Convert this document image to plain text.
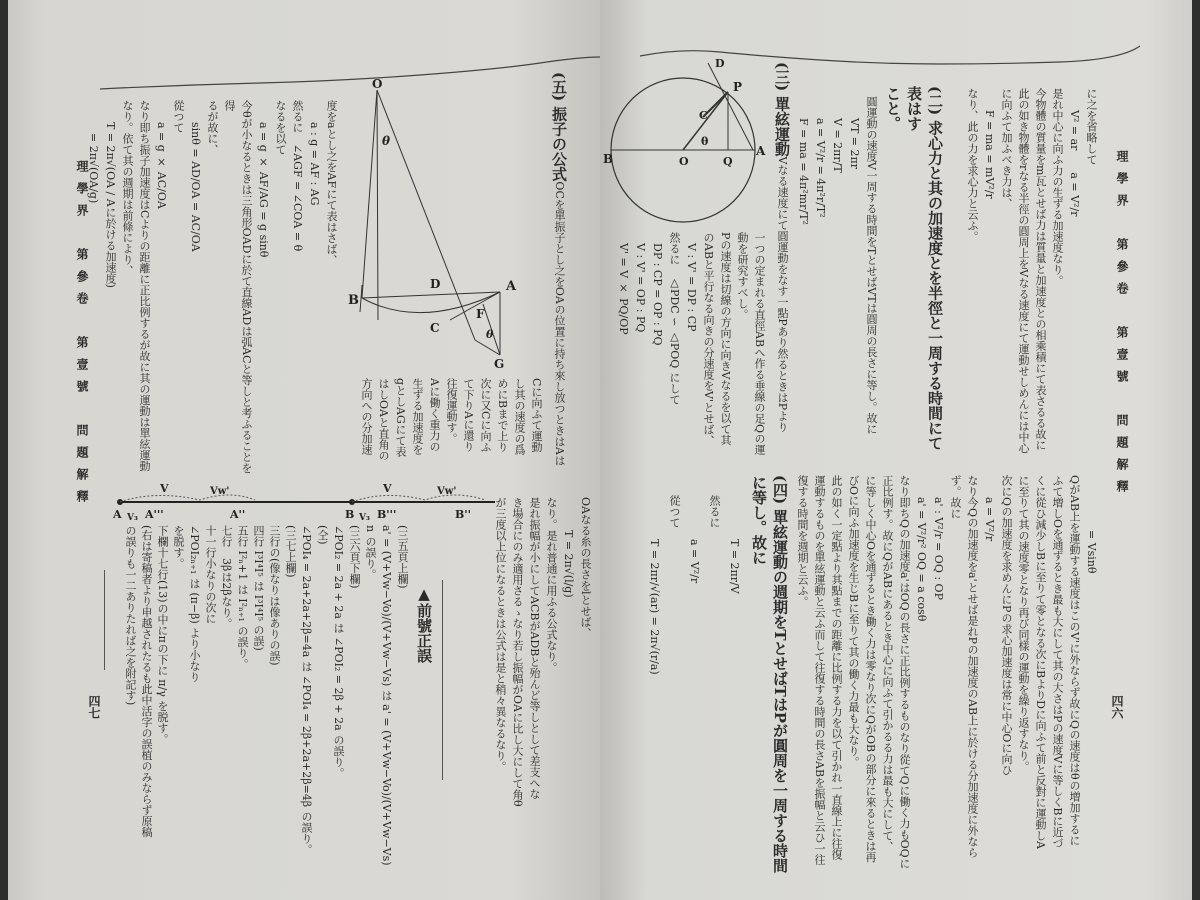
理學界　第參卷　第壹號　問題解釋
四六
に之を省略して
　　V² = ar　　a = V²/r
是れ中心に向ふ力の生ずる加速度なり。
今物體の質量をm瓦とせば力は質量と加速度との相乘積にて表さるる故に
此の如き物體をrなる半徑の圓周上をVなる速度にて運動せしめんには中心
に向ふて加ふべき力は、
　　F = ma = mV²/r
なり、此の力を求心力と云ふ。
(二) 求心力と其の加速度とを半徑と一周する時間にて表はす
こと。
圓運動の速度V一周する時間をTとせばVTは圓周の長さに等し。故に
　　VT = 2πr
　　V = 2πr/T
　　a = V²/r = 4π²r/T²
　　F = ma = 4π²mr/T²
(三) 單絃運動Vなる速度にて圓運動をなす一點Pあり然るときはPより
一つの定まれる直徑ABへ作る垂線の足Qの運
動を研究すべし。
Pの速度は切線の方向に向きVなるを以て其
のABと平行なる向きの分速度をV'とせば、
　V : V' = DP : CP
然るに　△PDC ∽ △POQ にして
　DP : CP = OP : PQ
　V : V' = OP : PQ
　V' = V × PQ/OP
D
P
C
θ
B	O	Q
A
　　　　　= Vsinθ
QがAB上を運動する速度はこのV'に外ならず故にQの速度はθの増加するに
ふて増しOを通ずるとき最も大にして其の大さはPの速度Vに等しくBに近づ
くに從ひ減少しBに至りて零となる次にBよりDに向ふて前と反對に運動しA
に至りて其の速度零となり再び同樣の運動を繰り返すなり。
次にQの加速度を求めんにPの求心加速度は常に中心Oに向ひ
　　a = V²/r
なり今Qの加速度をa'とせば是れPの加速度のAB上に於ける分加速度に外なら
ず。故に
　　a' : V²/r = OQ : OP
　　a' = V²/r² OQ = a cosθ
なり即ちQの加速度a'はOQの長さに正比例するものなり從てQに働く力もOQに
正比例す。故にQがABにあるとき中心に向ふて引かるる力は最も大にして、
に等しく中心Oを通ずるとき働く力は零なり次にQがOBの部分に來るときは再
びOに向ふ加速度を生じBに至りて其の働く力最も大なり。
此の如く一定點より其點までの距離に比例する力を以て引かれ一直線上に往復
運動するものを單絃運動と云ふ而して往復する時間の長さABを振幅と云ひ一往
復する時間を週期と云ふ。
(四) 單絃運動の週期をTとせばTはPが圓周を一周する時間
に等し。故に
　　　　T = 2πr/V
然るに
　　　　a = V²/r
從つて
　　　　T = 2πr/√(ar) = 2π√(r/a)
理學界　第參卷　第壹號　問題解釋
四七
(五) 振子の公式OCを單振子とし之をOAの位置に持ち來し放つときはAは
Cに向ふて運動
し其の速度の爲
めにBまで上り
次に又Cに向ふ
て下りAに還り
往復運動す。
Aに働く重力の
生ずる加速度を
gとしAGにて表
はしOAと直角の
方向への分加速
度をaとし之をAFにて表はさば、
　　a : g = AF : AG
然るに　∠AGF = ∠COA = θ
なるを以て
　　a = g × AF/AG = g sinθ
今θが小なるときは三角形OADに於て直線ADは弧ACと等しと考ふることを得
るが故に、
　　sinθ = AD/OA = AC/OA
從つて
　　a = g × AC/OA
なり即ち振子加速度はCよりの距離に正比例するが故に其の運動は單絃運動
なり。依て其の週期は前條により、
　　T = 2π√(OA / Aに於ける加速度)
　　　= 2π√(OA/g)
O
θ
D	A
B
C
F
θ
G
V	Vw'	V	Vw'
A V₃ A'''	A''	B V₃ B'''	B''	OAなる糸の長さをlとせば、
　　　T = 2π√(l/g)
なり。是れ普通に用ふる公式なり。
是れ振幅が小にしてACBがADBと殆んど等しとして差支へな
き場合にのみ適用さるゝなり若し振幅がOAに比し大にして角θ
が三度以上位になるときは公式は是と稍々異なるなり。
▲前號正誤
(三五頁上欄)
a' = (V+Vw−Vo)/(V+Vw−Vs) は a' = (V+Vw−Vo)/(V+Vw−Vs) n の誤り。
(三六頁下欄)
∠POI₂ = 2a + 2a は ∠POI₂ = 2β + 2a の誤り。
(仝)
∠POI₄ = 2a+2a+2β=4a は ∠POI₄ = 2β+2a+2β=4β の誤り。
(三七上欄)
三行の(像なりは像ありの誤)
四行 I³I⁴I⁵ は I³I⁴I⁵ の誤)
五行 I²ₙ+1 は I²ₙ₊₁ の誤り。
七行　3βは2βなり。
十一行小なりの次に
∠POI₂ₙ₊₁ は (π−β) より小なり
を脱す。
下欄十七行(13)の中にπの下に π/γ を脱す。
(右は寄稿者より申越されたるも此中活字の誤植のみならず原稿
の誤りも一二ありたれば之を附記す)
